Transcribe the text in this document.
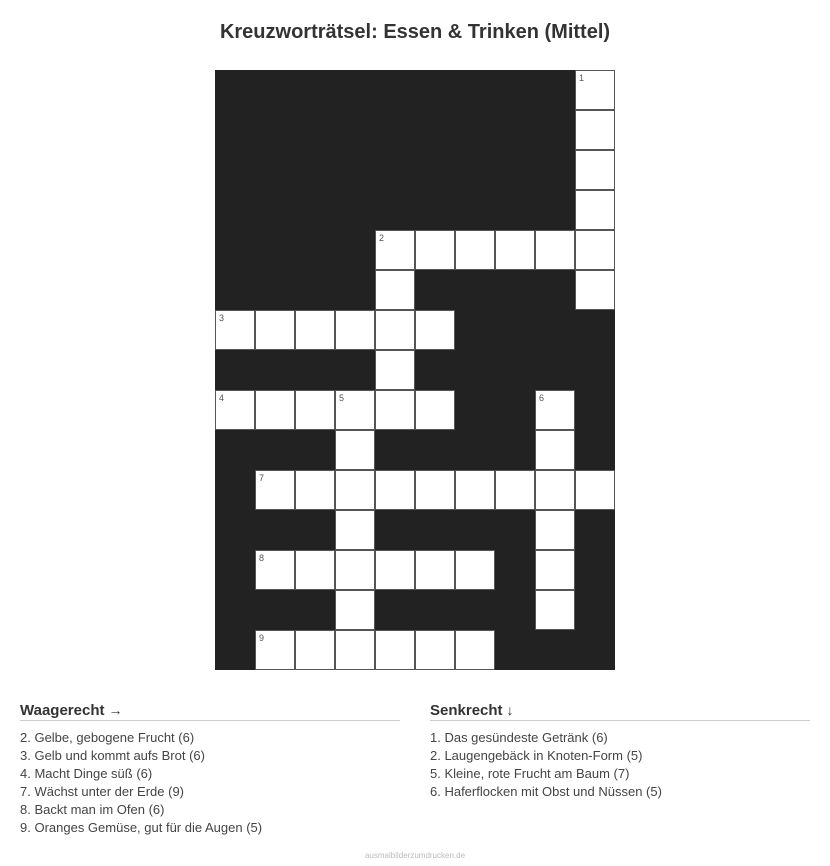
Kreuzworträtsel: Essen & Trinken (Mittel)
1
2
3
4	5	6
7
8
9
Waagerecht →
2. Gelbe, gebogene Frucht (6)
3. Gelb und kommt aufs Brot (6)
4. Macht Dinge süß (6)
7. Wächst unter der Erde (9)
8. Backt man im Ofen (6)
9. Oranges Gemüse, gut für die Augen (5)
Senkrecht ↓
1. Das gesündeste Getränk (6)
2. Laugengebäck in Knoten-Form (5)
5. Kleine, rote Frucht am Baum (7)
6. Haferflocken mit Obst und Nüssen (5)
ausmalbilderzumdrucken.de
